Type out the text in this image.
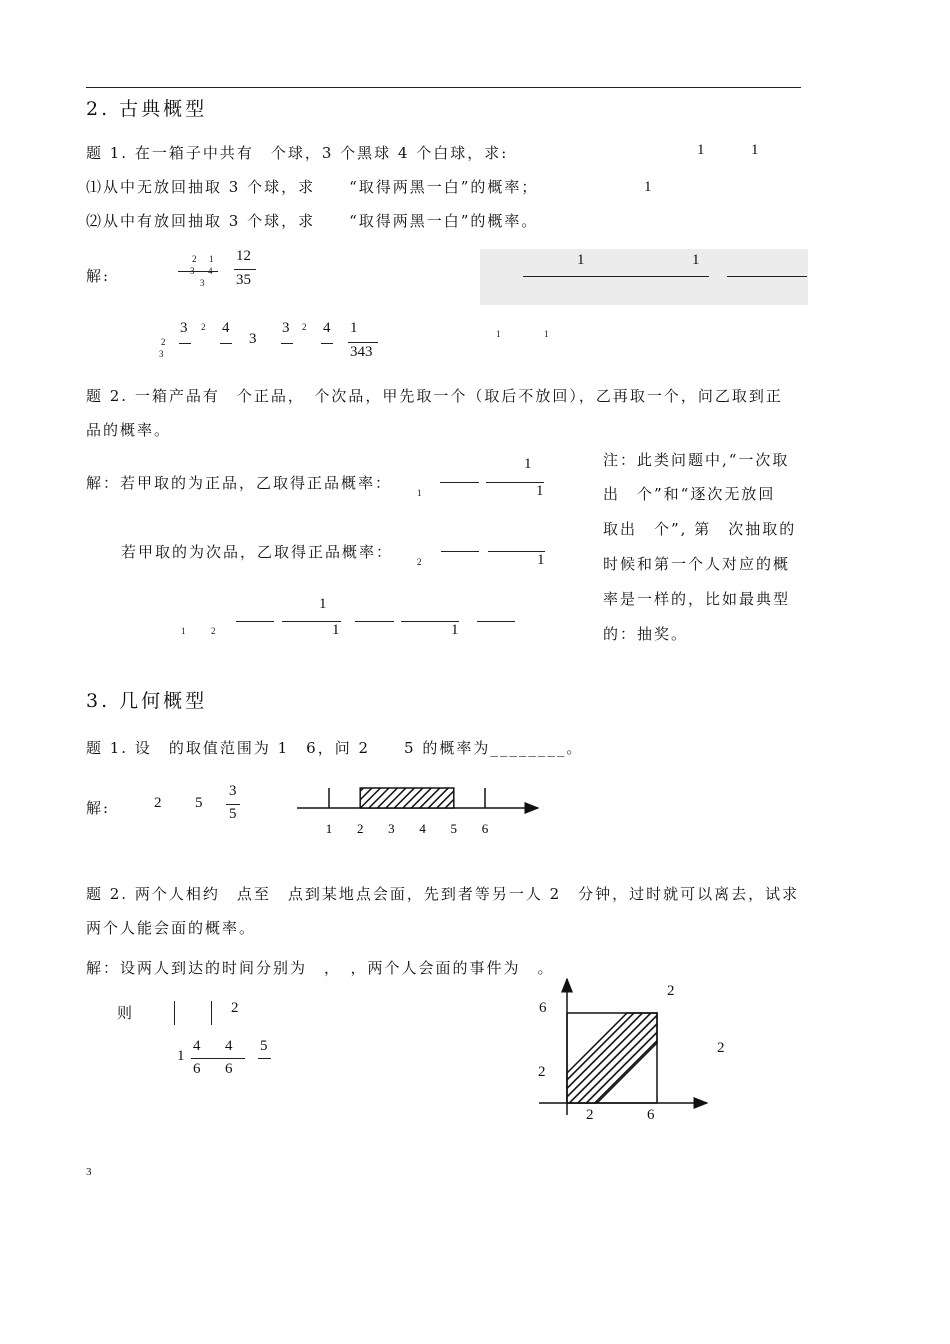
2. 古典概型
题 1. 在一箱子中共有　个球，3 个黑球 4 个白球，求:	1	1
⑴从中无放回抽取 3 个球，求　　“取得两黑一白”的概率；	1
⑵从中有放回抽取 3 个球，求　　“取得两黑一白”的概率。
解:
2 1
3 4
3
12
35
1	1
2
3
3 2 4
3
3 2 4 1
343
1	1
题 2. 一箱产品有　个正品，　个次品，甲先取一个（取后不放回），乙再取一个，问乙取到正
品的概率。
解：若甲取的为正品，乙取得正品概率：
1
1
1
若甲取的为次品，乙取得正品概率：
2	1
1	2
1
1	1
注：此类问题中,“一次取
出　个”和“逐次无放回
取出　个”, 第　次抽取的
时候和第一个人对应的概
率是一样的，比如最典型
的：抽奖。
3. 几何概型
题 1. 设　的取值范围为 1　6，问 2　　5 的概率为________。
解:	2 5
3
5
1 2 3 4 5 6
题 2. 两个人相约　点至　点到某地点会面，先到者等另一人 2　分钟，过时就可以离去，试求
两个人能会面的概率。
解：设两人到达的时间分别为　，　，两个人会面的事件为　。
则	2
1
4
6
4
6
5
6
2
2	6
2
2
3
